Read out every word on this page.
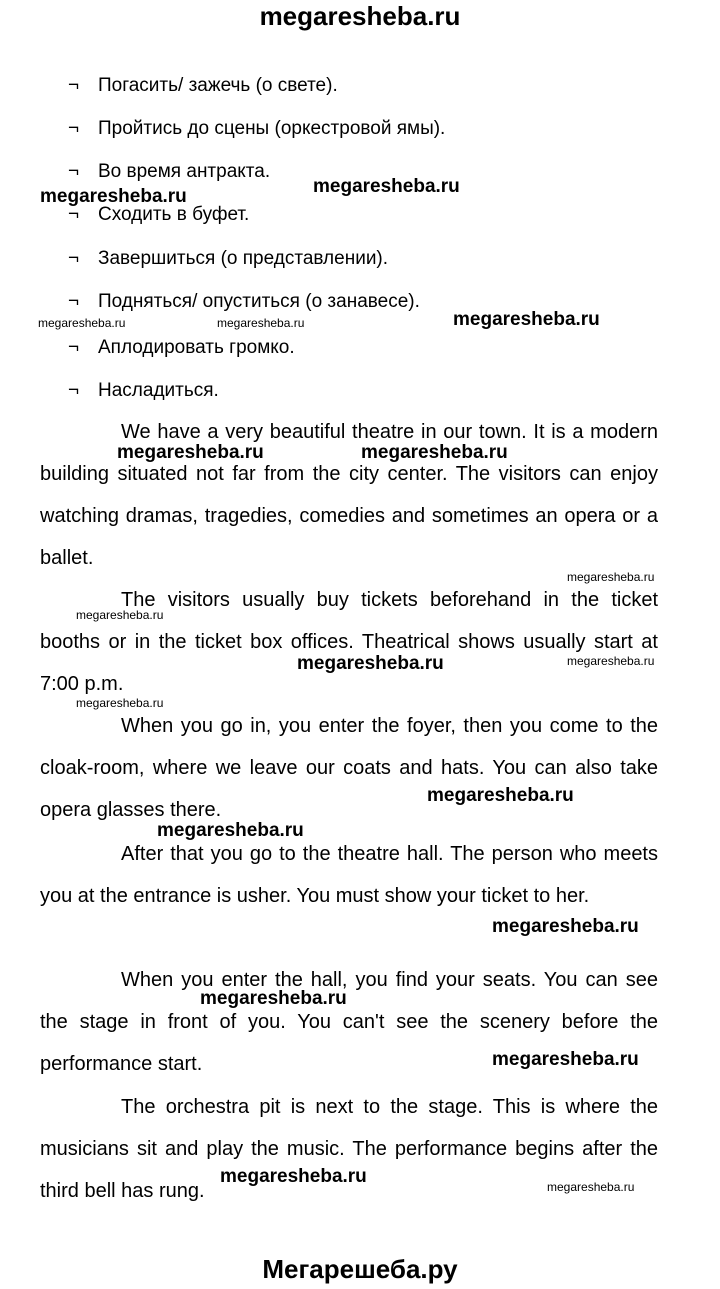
megaresheba.ru
¬ Погасить/ зажечь (о свете).
¬ Пройтись до сцены (оркестровой ямы).
¬ Во время антракта.
¬ Сходить в буфет.
¬ Завершиться (о представлении).
¬ Подняться/ опуститься (о занавесе).
¬ Аплодировать громко.
¬ Насладиться.
We have a very beautiful theatre in our town. It is a modern building situated not far from the city center. The visitors can enjoy watching dramas, tragedies, comedies and sometimes an opera or a ballet.
The visitors usually buy tickets beforehand in the ticket booths or in the ticket box offices. Theatrical shows usually start at 7:00 p.m.
When you go in, you enter the foyer, then you come to the cloak-room, where we leave our coats and hats. You can also take opera glasses there.
After that you go to the theatre hall. The person who meets you at the entrance is usher. You must show your ticket to her.
When you enter the hall, you find your seats. You can see the stage in front of you. You can't see the scenery before the performance start.
The orchestra pit is next to the stage. This is where the musicians sit and play the music. The performance begins after the third bell has rung.
megaresheba.ru	megaresheba.ru
megaresheba.ru	megaresheba.ru	megaresheba.ru
megaresheba.ru	megaresheba.ru
megaresheba.ru
megaresheba.ru
megaresheba.ru	megaresheba.ru
megaresheba.ru
megaresheba.ru
megaresheba.ru
megaresheba.ru
megaresheba.ru
megaresheba.ru
megaresheba.ru	megaresheba.ru
Мегарешеба.ру
